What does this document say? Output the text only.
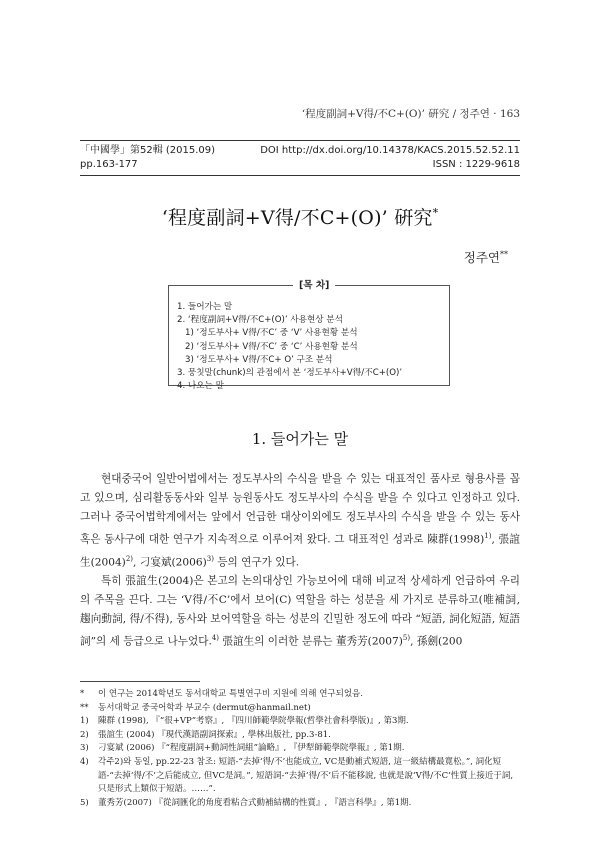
‘程度副詞+V得/不C+(O)’ 硏究 / 정주연 · 163
「中國學」第52輯 (2015.09)	DOI http://dx.doi.org/10.14378/KACS.2015.52.52.11
pp.163-177	ISSN : 1229-9618
‘程度副詞+V得/不C+(O)’ 硏究*
정주연**
[목 차]
1. 들어가는 말
2. ‘程度副詞+V得/不C+(O)’ 사용현상 분석
1) ‘정도부사+ V得/不C’ 중 ‘V’ 사용현황 분석
2) ‘정도부사+ V得/不C’ 중 ‘C’ 사용현황 분석
3) ‘정도부사+ V得/不C+ O’ 구조 분석
3. 뭉칫말(chunk)의 관점에서 본 ‘정도부사+V得/不C+(O)’
4. 나오는 말
1. 들어가는 말

현대중국어 일반어법에서는 정도부사의 수식을 받을 수 있는 대표적인 품사로 형용사를 꼽고 있으며, 심리활동동사와 일부 능원동사도 정도부사의 수식을 받을 수 있다고 인정하고 있다. 그러나 중국어법학계에서는 앞에서 언급한 대상이외에도 정도부사의 수식을 받을 수 있는 동사 혹은 동사구에 대한 연구가 지속적으로 이루어져 왔다. 그 대표적인 성과로 陳群$(1998)^{1)}$, 張誼生$(2004)^{2)}$, 刁宴斌$(2006)^{3)}$ 등의 연구가 있다.

특히 張誼生(2004)은 본고의 논의대상인 가능보어에 대해 비교적 상세하게 언급하여 우리의 주목을 끈다. 그는 ‘V得/不C’에서 보어(C) 역할을 하는 성분을 세 가지로 분류하고(唯補詞, 趨向動詞, 得/不得), 동사와 보어역할을 하는 성분의 긴밀한 정도에 따라 “短語, 詞化短語, 短語詞”의 세 등급으로 나누었다.$^{4)}$ 張誼生의 이러한 분류는 董秀芳$(2007)^{5)}$, 孫劍(200

* 이 연구는 2014학년도 동서대학교 특별연구비 지원에 의해 연구되었음.
** 동서대학교 중국어학과 부교수 (dermut@hanmail.net)
1) 陳群 (1998), 『“很+VP”考察』, 『四川師範學院學報(哲學社會科學版)』, 第3期.
2) 張誼生 (2004) 『現代漢語副詞探索』, 學林出版社, pp.3-81.
3) 刁宴斌 (2006) 『“程度副詞+動詞性詞組”論略』, 『伊犁師範學院學報』, 第1期.
4) 각주2)와 동일, pp.22-23 참조: 短語-“去掉‘得/不’也能成立, VC是動補式短語, 這一級結構最寬松。”, 詞化短語-“去掉‘得/不’之后能成立, 但VC是詞。”, 短語詞-“去掉‘得/不’后不能移說, 也就是說‘V得/不C’性質上接近于詞, 只是形式上類似于短語。……”.
5) 董秀芳(2007) 『從詞匯化的角度看粘合式動補結構的性質』, 『語言科學』, 第1期.
